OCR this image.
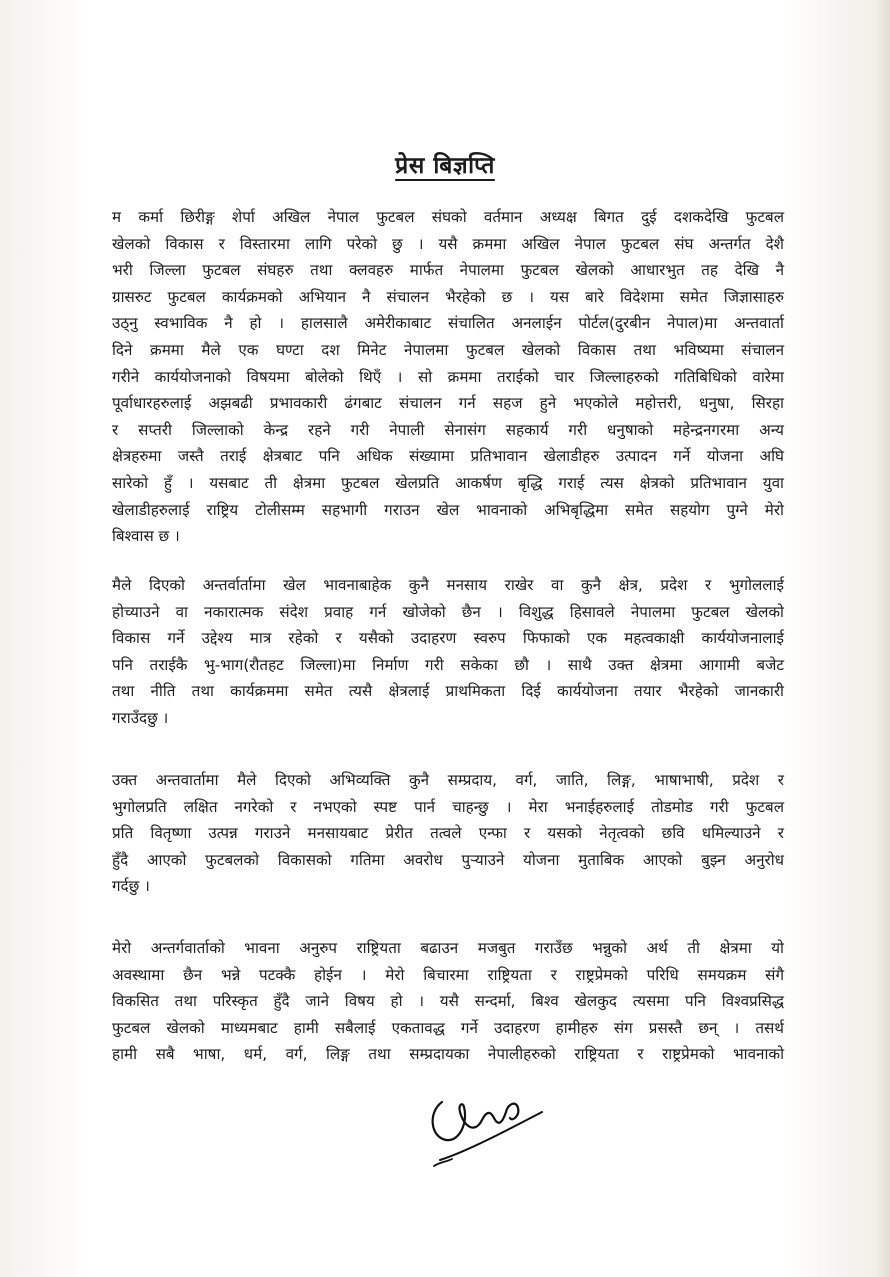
प्रेस बिज्ञप्ति
म कर्मा छिरीङ्ग शेर्पा अखिल नेपाल फुटबल संघको वर्तमान अध्यक्ष बिगत दुई दशकदेखि फुटबल
खेलको विकास र विस्तारमा लागि परेको छु । यसै क्रममा अखिल नेपाल फुटबल संघ अन्तर्गत देशै
भरी जिल्ला फुटबल संघहरु तथा क्लवहरु मार्फत नेपालमा फुटबल खेलको आधारभुत तह देखि नै
ग्रासरुट फुटबल कार्यक्रमको अभियान नै संचालन भैरहेको छ । यस बारे विदेशमा समेत जिज्ञासाहरु
उठ्नु स्वभाविक नै हो । हालसालै अमेरीकाबाट संचालित अनलाईन पोर्टल(दुरबीन नेपाल)मा अन्तवार्ता
दिने क्रममा मैले एक घण्टा दश मिनेट नेपालमा फुटबल खेलको विकास तथा भविष्यमा संचालन
गरीने कार्ययोजनाको विषयमा बोलेको थिएँ । सो क्रममा तराईको चार जिल्लाहरुको गतिबिधिको वारेमा
पूर्वाधारहरुलाई अझबढी प्रभावकारी ढंगबाट संचालन गर्न सहज हुने भएकोले महोत्तरी, धनुषा, सिरहा
र सप्तरी जिल्लाको केन्द्र रहने गरी नेपाली सेनासंग सहकार्य गरी धनुषाको महेन्द्रनगरमा अन्य
क्षेत्रहरुमा जस्तै तराई क्षेत्रबाट पनि अधिक संख्यामा प्रतिभावान खेलाडीहरु उत्पादन गर्ने योजना अघि
सारेको हुँ । यसबाट ती क्षेत्रमा फुटबल खेलप्रति आकर्षण बृद्धि गराई त्यस क्षेत्रको प्रतिभावान युवा
खेलाडीहरुलाई राष्ट्रिय टोलीसम्म सहभागी गराउन खेल भावनाको अभिबृद्धिमा समेत सहयोग पुग्ने मेरो
बिश्वास छ ।
मैले दिएको अन्तर्वार्तामा खेल भावनाबाहेक कुनै मनसाय राखेर वा कुनै क्षेत्र, प्रदेश र भुगोललाई
होच्याउने वा नकारात्मक संदेश प्रवाह गर्न खोजेको छैन । विशुद्ध हिसावले नेपालमा फुटबल खेलको
विकास गर्ने उद्देश्य मात्र रहेको र यसैको उदाहरण स्वरुप फिफाको एक महत्वकाक्षी कार्ययोजनालाई
पनि तराईकै भु-भाग(रौतहट जिल्ला)मा निर्माण गरी सकेका छौ । साथै उक्त क्षेत्रमा आगामी बजेट
तथा नीति तथा कार्यक्रममा समेत त्यसै क्षेत्रलाई प्राथमिकता दिई कार्ययोजना तयार भैरहेको जानकारी
गराउँदछु ।
उक्त अन्तवार्तामा मैले दिएको अभिव्यक्ति कुनै सम्प्रदाय, वर्ग, जाति, लिङ्ग, भाषाभाषी, प्रदेश र
भुगोलप्रति लक्षित नगरेको र नभएको स्पष्ट पार्न चाहन्छु । मेरा भनाईहरुलाई तोडमोड गरी फुटबल
प्रति वितृष्णा उत्पन्न गराउने मनसायबाट प्रेरीत तत्वले एन्फा र यसको नेतृत्वको छवि धमिल्याउने र
हुँदै आएको फुटबलको विकासको गतिमा अवरोध पुऱ्याउने योजना मुताबिक आएको बुझ्न अनुरोध
गर्दछु ।
मेरो अन्तर्गवार्ताको भावना अनुरुप राष्ट्रियता बढाउन मजबुत गराउँछ भन्नुको अर्थ ती क्षेत्रमा यो
अवस्थामा छैन भन्ने पटक्कै होईन । मेरो बिचारमा राष्ट्रियता र राष्ट्रप्रेमको परिधि समयक्रम संगै
विकसित तथा परिस्कृत हुँदै जाने विषय हो । यसै सन्दर्मा, बिश्व खेलकुद त्यसमा पनि विश्वप्रसिद्ध
फुटबल खेलको माध्यमबाट हामी सबैलाई एकतावद्ध गर्ने उदाहरण हामीहरु संग प्रसस्तै छन् । तसर्थ
हामी सबै भाषा, धर्म, वर्ग, लिङ्ग तथा सम्प्रदायका नेपालीहरुको राष्ट्रियता र राष्ट्रप्रेमको भावनाको
